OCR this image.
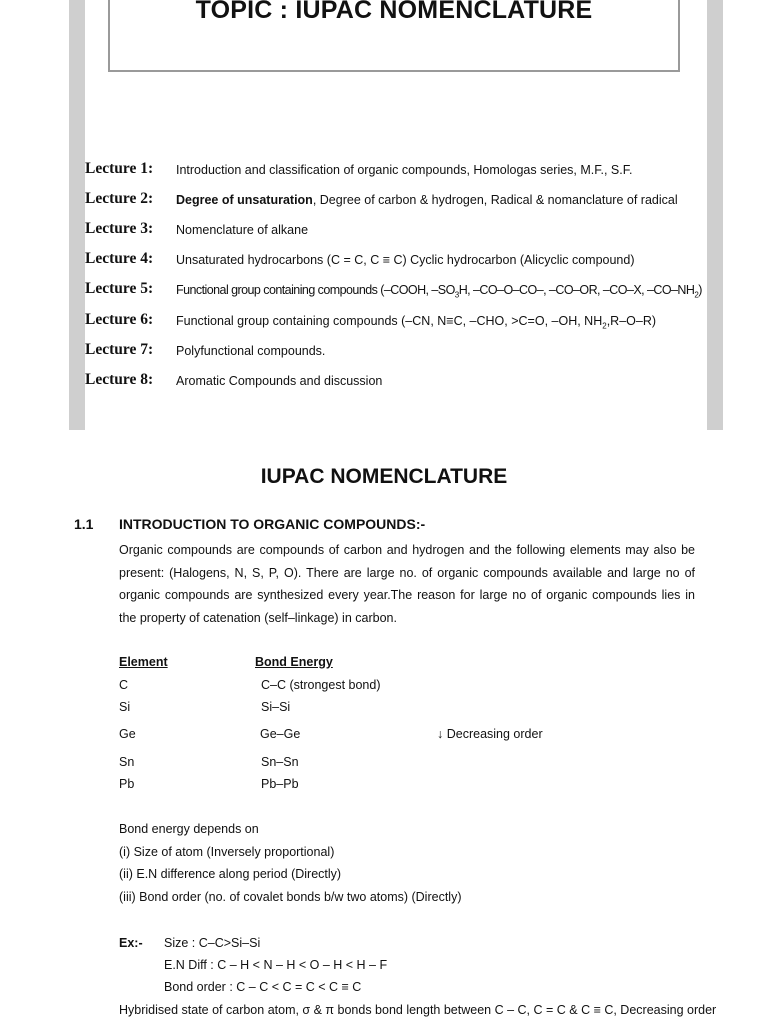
TOPIC : IUPAC NOMENCLATURE
Lecture 1: Introduction and classification of organic compounds, Homologas series, M.F., S.F.
Lecture 2: Degree of unsaturation, Degree of carbon & hydrogen, Radical & nomanclature of radical
Lecture 3: Nomenclature of alkane
Lecture 4: Unsaturated hydrocarbons (C = C, C ≡ C) Cyclic hydrocarbon (Alicyclic compound)
Lecture 5: Functional group containing compounds (–COOH, $-SO_3H$, –CO–O–CO–, –CO–OR, –CO–X, $-CO-NH_2$)
Lecture 6: Functional group containing compounds (–CN, N≡C, –CHO, >C=O, –OH, $NH_2,R-O-R$)
Lecture 7: Polyfunctional compounds.
Lecture 8: Aromatic Compounds and discussion
IUPAC NOMENCLATURE
1.1 INTRODUCTION TO ORGANIC COMPOUNDS:-
Organic compounds are compounds of carbon and hydrogen and the following elements may also be present: (Halogens, N, S, P, O). There are large no. of organic compounds available and large no of organic compounds are synthesized every year.The reason for large no of organic compounds lies in the property of catenation (self–linkage) in carbon.
Element	Bond Energy
C	C–C (strongest bond)
Si	Si–Si
Ge	Ge–Ge	↓ Decreasing order
Sn	Sn–Sn
Pb	Pb–Pb
Bond energy depends on
(i) Size of atom (Inversely proportional)
(ii) E.N difference along period (Directly)
(iii) Bond order (no. of covalet bonds b/w two atoms) (Directly)
Ex:- Size : C–C>Si–Si
E.N Diff : C – H < N – H < O – H < H – F
Bond order : C – C < C = C < C ≡ C
Hybridised state of carbon atom, σ & π bonds bond length between C – C, C = C & C ≡ C, Decreasing order
